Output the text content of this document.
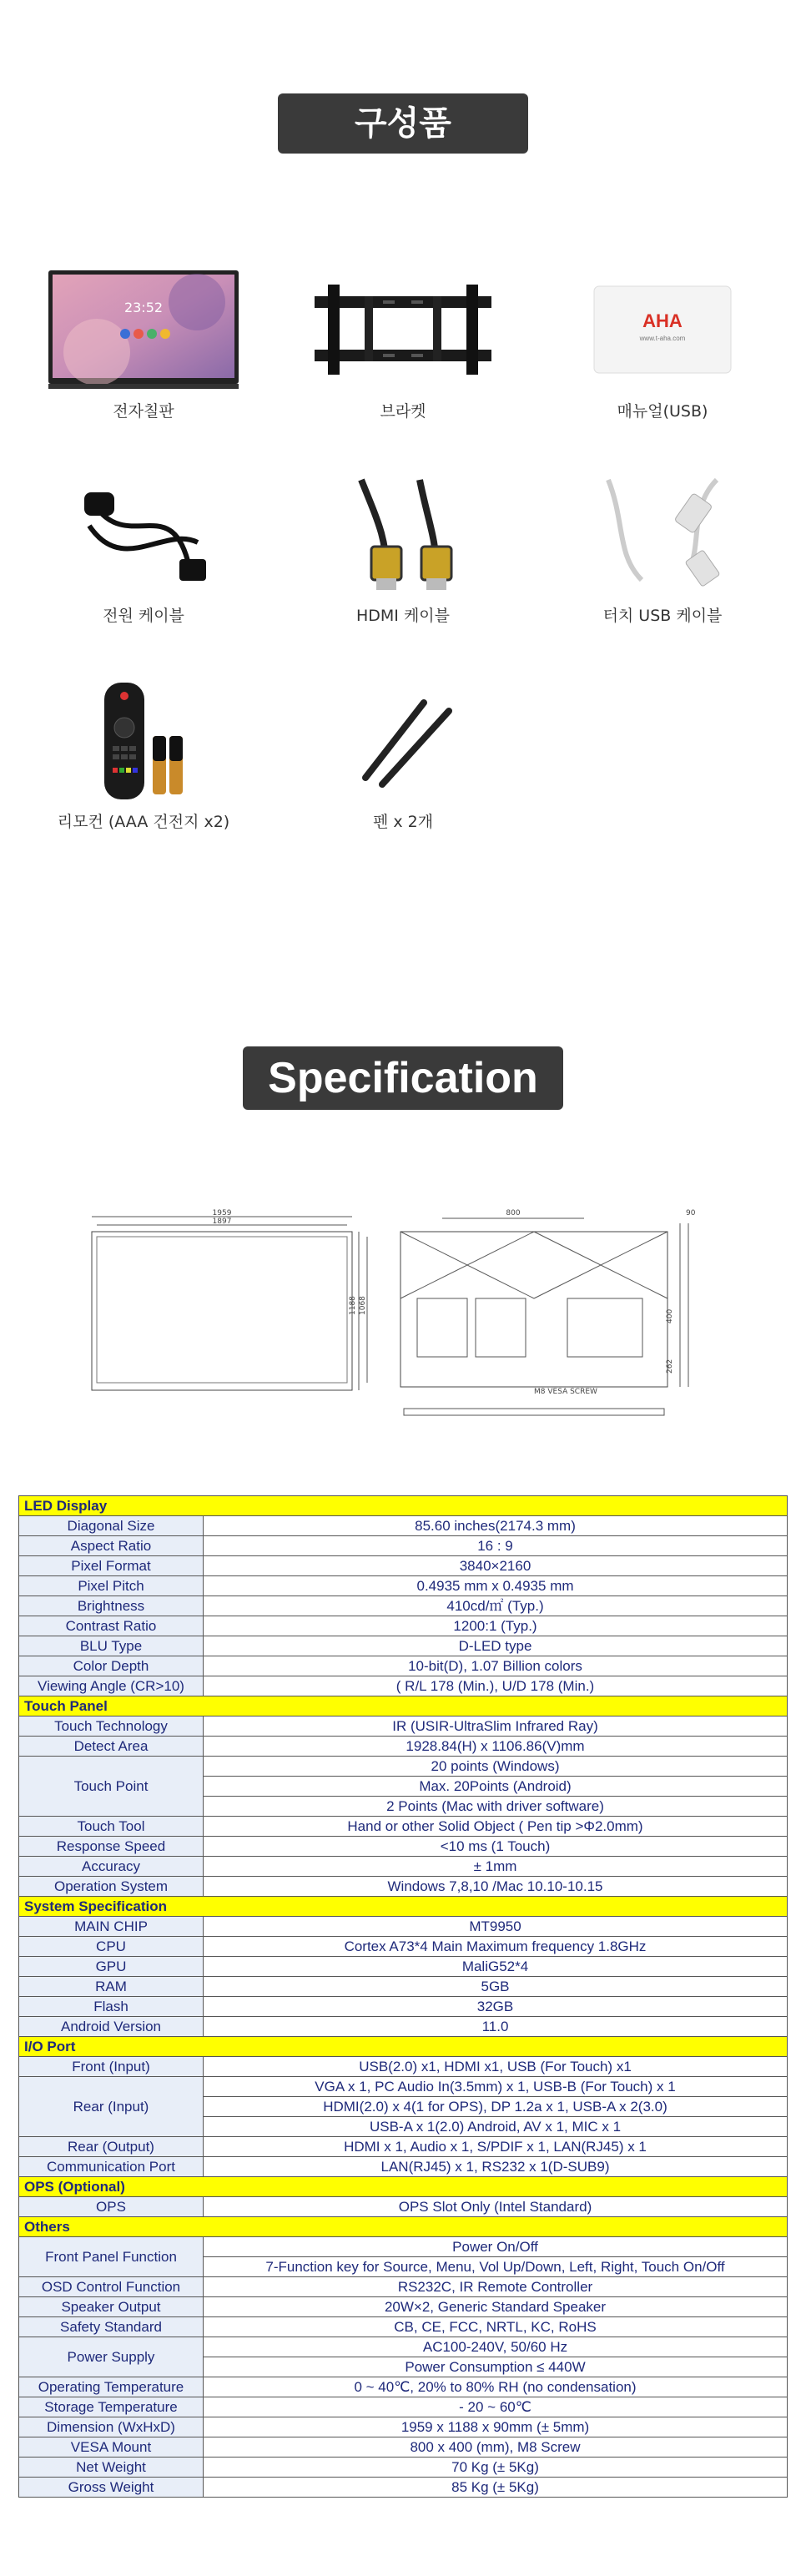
구성품
23:52
전자칠판	브라켓
AHA
www.t-aha.com
매뉴얼(USB)
전원 케이블	HDMI 케이블	터치 USB 케이블
리모컨 (AAA 건전지 x2)	펜 x 2개
Specification
1959
1897
1188 1068
800	90
400
262
M8 VESA SCREW
LED Display	
Diagonal Size	85.60 inches(2174.3 mm)
Aspect Ratio	16 : 9
Pixel Format	3840×2160
Pixel Pitch	0.4935 mm x 0.4935 mm
Brightness	410cd/㎡ (Typ.)
Contrast Ratio	1200:1 (Typ.)
BLU Type	D-LED type
Color Depth	10-bit(D), 1.07 Billion colors
Viewing Angle (CR>10)	( R/L 178 (Min.), U/D 178 (Min.)
Touch Panel	
Touch Technology	IR (USIR-UltraSlim Infrared Ray)
Detect Area	1928.84(H) x 1106.86(V)mm
Touch Point	20 points (Windows)
	Max. 20Points (Android)
	2 Points (Mac with driver software)
Touch Tool	Hand or other Solid Object ( Pen tip >Φ2.0mm)
Response Speed	<10 ms (1 Touch)
Accuracy	± 1mm
Operation System	Windows 7,8,10 /Mac 10.10-10.15
System Specification	
MAIN CHIP	MT9950
CPU	Cortex A73*4 Main Maximum frequency 1.8GHz
GPU	MaliG52*4
RAM	5GB
Flash	32GB
Android Version	11.0
I/O Port	
Front (Input)	USB(2.0) x1, HDMI x1, USB (For Touch) x1
Rear (Input)	VGA x 1, PC Audio In(3.5mm) x 1, USB-B (For Touch) x 1
	HDMI(2.0) x 4(1 for OPS), DP 1.2a x 1, USB-A x 2(3.0)
	USB-A x 1(2.0) Android, AV x 1, MIC x 1
Rear (Output)	HDMI x 1, Audio x 1, S/PDIF x 1, LAN(RJ45) x 1
Communication Port	LAN(RJ45) x 1, RS232 x 1(D-SUB9)
OPS (Optional)	
OPS	OPS Slot Only (Intel Standard)
Others	
Front Panel Function	Power On/Off
	7-Function key for Source, Menu, Vol Up/Down, Left, Right, Touch On/Off
OSD Control Function	RS232C, IR Remote Controller
Speaker Output	20W×2, Generic Standard Speaker
Safety Standard	CB, CE, FCC, NRTL, KC, RoHS
Power Supply	AC100-240V, 50/60 Hz
	Power Consumption ≤ 440W
Operating Temperature	0 ~ 40℃, 20% to 80% RH (no condensation)
Storage Temperature	- 20 ~ 60℃
Dimension (WxHxD)	1959 x 1188 x 90mm (± 5mm)
VESA Mount	800 x 400 (mm), M8 Screw
Net Weight	70 Kg (± 5Kg)
Gross Weight	85 Kg (± 5Kg)
